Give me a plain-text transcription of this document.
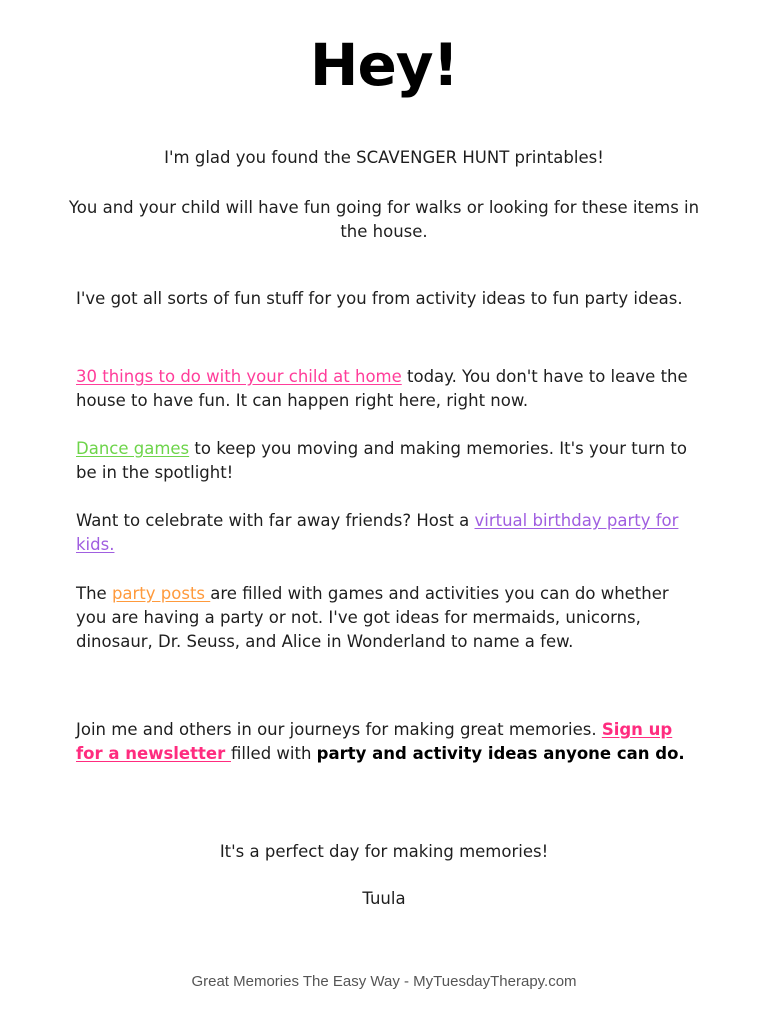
Hey!
I'm glad you found the SCAVENGER HUNT printables!
You and your child will have fun going for walks or looking for these items in the house.
I've got all sorts of fun stuff for you from activity ideas to fun party ideas.
30 things to do with your child at home today. You don't have to leave the house to have fun. It can happen right here, right now.
Dance games to keep you moving and making memories. It's your turn to be in the spotlight!
Want to celebrate with far away friends? Host a virtual birthday party for kids.
The party posts are filled with games and activities you can do whether you are having a party or not. I've got ideas for mermaids, unicorns, dinosaur, Dr. Seuss, and Alice in Wonderland to name a few.
Join me and others in our journeys for making great memories. Sign up for a newsletter filled with party and activity ideas anyone can do.
It's a perfect day for making memories!
Tuula
Great Memories The Easy Way - MyTuesdayTherapy.com
